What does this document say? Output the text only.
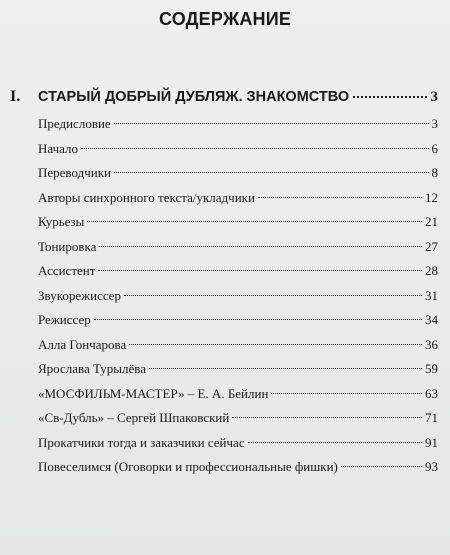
СОДЕРЖАНИЕ
I.	СТАРЫЙ ДОБРЫЙ ДУБЛЯЖ. ЗНАКОМСТВО	3
Предисловие	3
Начало	6
Переводчики	8
Авторы синхронного текста/укладчики	12
Курьезы	21
Тонировка	27
Ассистент	28
Звукорежиссер	31
Режиссер	34
Алла Гончарова	36
Ярослава Турылёва	59
«МОСФИЛЬМ-МАСТЕР» – Е. А. Бейлин	63
«Св-Дубль» – Сергей Шпаковский	71
Прокатчики тогда и заказчики сейчас	91
Повеселимся (Оговорки и профессиональные фишки)	93
